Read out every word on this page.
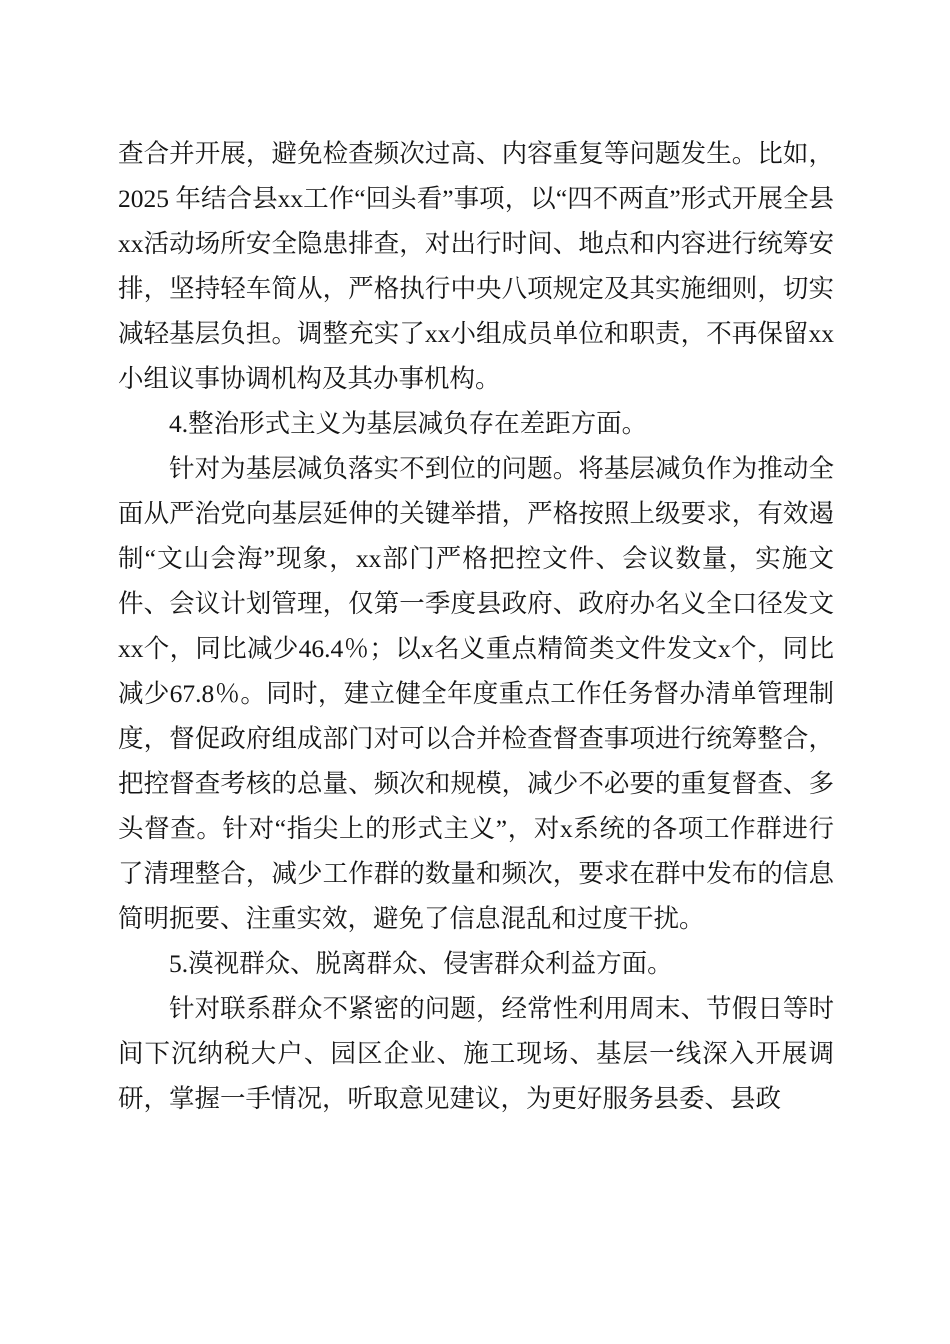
查合并开展，避免检查频次过高、内容重复等问题发生。比如，2025 年结合县xx工作“回头看”事项，以“四不两直”形式开展全县xx活动场所安全隐患排查，对出行时间、地点和内容进行统筹安排，坚持轻车简从，严格执行中央八项规定及其实施细则，切实减轻基层负担。调整充实了xx小组成员单位和职责，不再保留xx小组议事协调机构及其办事机构。

4.整治形式主义为基层减负存在差距方面。

针对为基层减负落实不到位的问题。将基层减负作为推动全面从严治党向基层延伸的关键举措，严格按照上级要求，有效遏制“文山会海”现象，xx部门严格把控文件、会议数量，实施文件、会议计划管理，仅第一季度县政府、政府办名义全口径发文xx个，同比减少46.4％；以x名义重点精简类文件发文x个，同比减少67.8％。同时，建立健全年度重点工作任务督办清单管理制度，督促政府组成部门对可以合并检查督查事项进行统筹整合，把控督查考核的总量、频次和规模，减少不必要的重复督查、多头督查。针对“指尖上的形式主义”，对x系统的各项工作群进行了清理整合，减少工作群的数量和频次，要求在群中发布的信息简明扼要、注重实效，避免了信息混乱和过度干扰。

5.漠视群众、脱离群众、侵害群众利益方面。

针对联系群众不紧密的问题，经常性利用周末、节假日等时间下沉纳税大户、园区企业、施工现场、基层一线深入开展调研，掌握一手情况，听取意见建议，为更好服务县委、县政
